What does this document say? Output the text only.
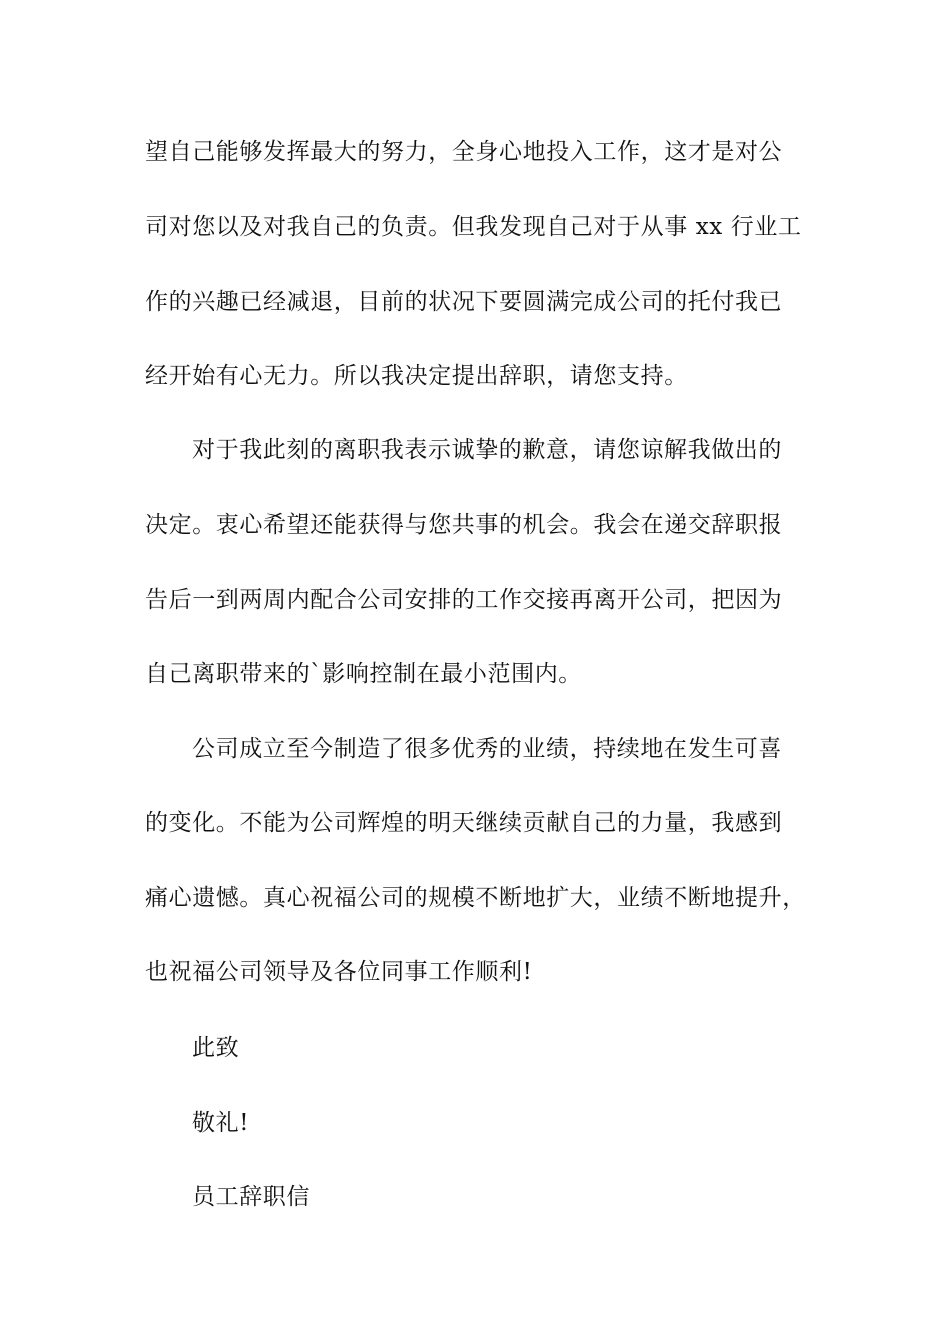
望自己能够发挥最大的努力，全身心地投入工作，这才是对公
司对您以及对我自己的负责。但我发现自己对于从事 xx 行业工
作的兴趣已经减退，目前的状况下要圆满完成公司的托付我已
经开始有心无力。所以我决定提出辞职，请您支持。
对于我此刻的离职我表示诚挚的歉意，请您谅解我做出的
决定。衷心希望还能获得与您共事的机会。我会在递交辞职报
告后一到两周内配合公司安排的工作交接再离开公司，把因为
自己离职带来的`影响控制在最小范围内。
公司成立至今制造了很多优秀的业绩，持续地在发生可喜
的变化。不能为公司辉煌的明天继续贡献自己的力量，我感到
痛心遗憾。真心祝福公司的规模不断地扩大，业绩不断地提升，
也祝福公司领导及各位同事工作顺利!
此致
敬礼!
员工辞职信
